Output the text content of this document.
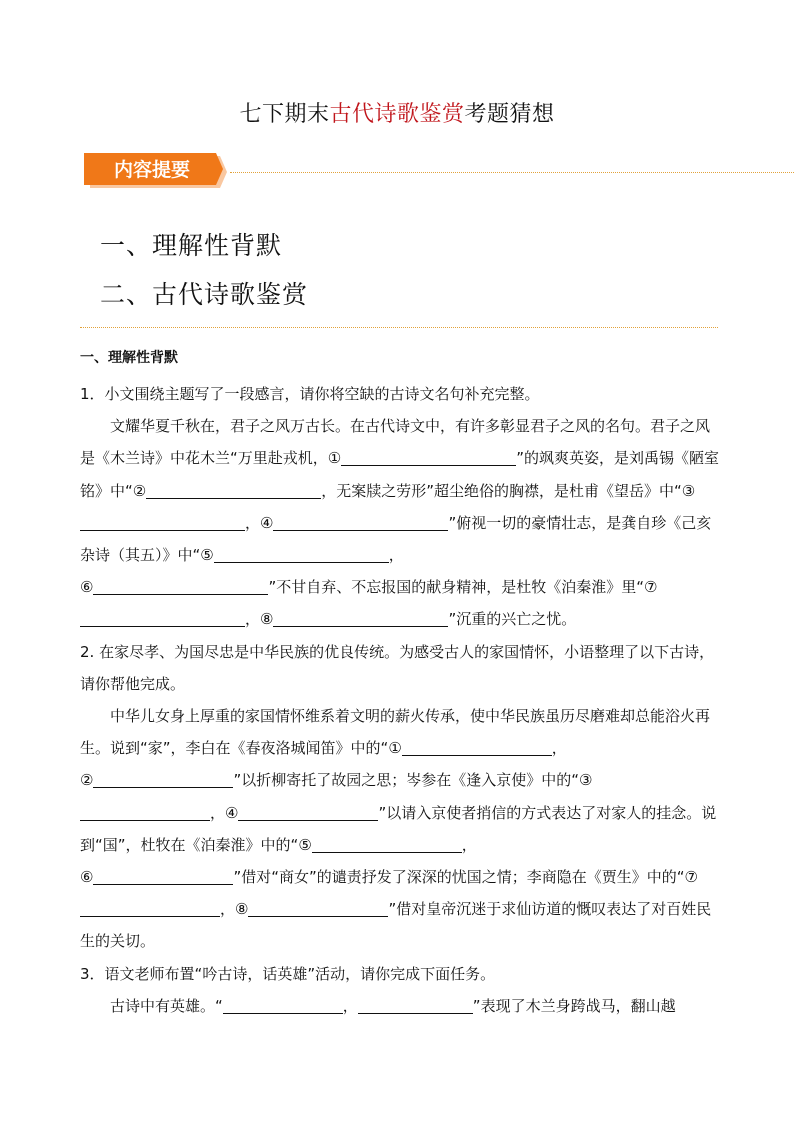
七下期末古代诗歌鉴赏考题猜想
内容提要
一、理解性背默
二、古代诗歌鉴赏
一、理解性背默

1．小文围绕主题写了一段感言，请你将空缺的古诗文名句补充完整。

文耀华夏千秋在，君子之风万古长。在古代诗文中，有许多彰显君子之风的名句。君子之风是《木兰诗》中花木兰“万里赴戎机，①	”的飒爽英姿，是刘禹锡《陋室铭》中“②	，无案牍之劳形”超尘绝俗的胸襟，是杜甫《望岳》中“③，④	”俯视一切的豪情壮志，是龚自珍《己亥杂诗（其五）》中“⑤	，
⑥	”不甘自弃、不忘报国的献身精神，是杜牧《泊秦淮》里“⑦，⑧	”沉重的兴亡之忧。

2. 在家尽孝、为国尽忠是中华民族的优良传统。为感受古人的家国情怀，小语整理了以下古诗，请你帮他完成。

中华儿女身上厚重的家国情怀维系着文明的薪火传承，使中华民族虽历尽磨难却总能浴火再生。说到“家”，李白在《春夜洛城闻笛》中的“①	，
②	”以折柳寄托了故园之思；岑参在《逢入京使》中的“③
，④	”以请入京使者捎信的方式表达了对家人的挂念。说到“国”，杜牧在《泊秦淮》中的“⑤	，
⑥	”借对“商女”的谴责抒发了深深的忧国之情；李商隐在《贾生》中的“⑦，⑧	”借对皇帝沉迷于求仙访道的慨叹表达了对百姓民生的关切。

3．语文老师布置“吟古诗，话英雄”活动，请你完成下面任务。

古诗中有英雄。“	，	”表现了木兰身跨战马，翻山越
